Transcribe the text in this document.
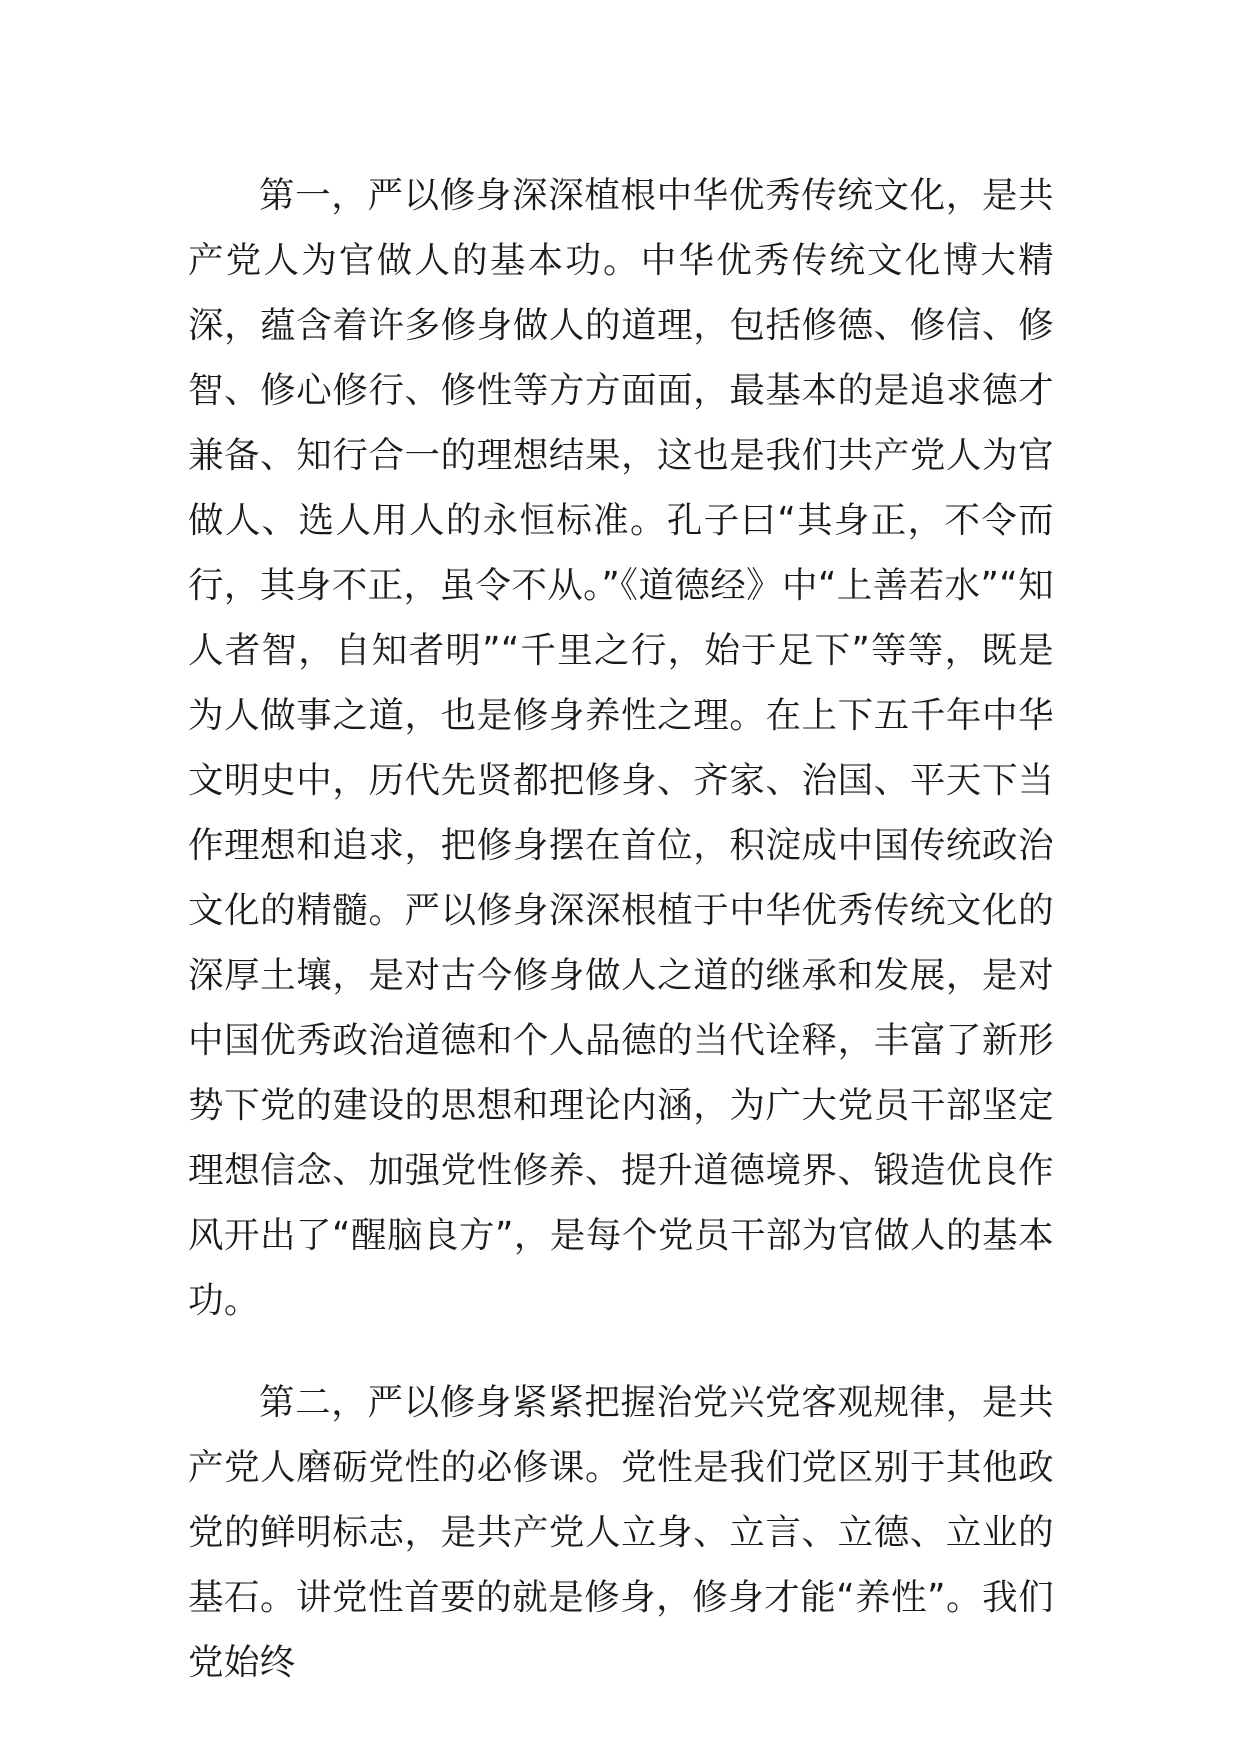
第一，严以修身深深植根中华优秀传统文化，是共产党人为官做人的基本功。中华优秀传统文化博大精深，蕴含着许多修身做人的道理，包括修德、修信、修智、修心修行、修性等方方面面，最基本的是追求德才兼备、知行合一的理想结果，这也是我们共产党人为官做人、选人用人的永恒标准。孔子曰“其身正，不令而行，其身不正，虽令不从。”《道德经》中“上善若水”“知人者智，自知者明”“千里之行，始于足下”等等，既是为人做事之道，也是修身养性之理。在上下五千年中华文明史中，历代先贤都把修身、齐家、治国、平天下当作理想和追求，把修身摆在首位，积淀成中国传统政治文化的精髓。严以修身深深根植于中华优秀传统文化的深厚土壤，是对古今修身做人之道的继承和发展，是对中国优秀政治道德和个人品德的当代诠释，丰富了新形势下党的建设的思想和理论内涵，为广大党员干部坚定理想信念、加强党性修养、提升道德境界、锻造优良作风开出了“醒脑良方”，是每个党员干部为官做人的基本功。

第二，严以修身紧紧把握治党兴党客观规律，是共产党人磨砺党性的必修课。党性是我们党区别于其他政党的鲜明标志，是共产党人立身、立言、立德、立业的基石。讲党性首要的就是修身，修身才能“养性”。我们党始终
